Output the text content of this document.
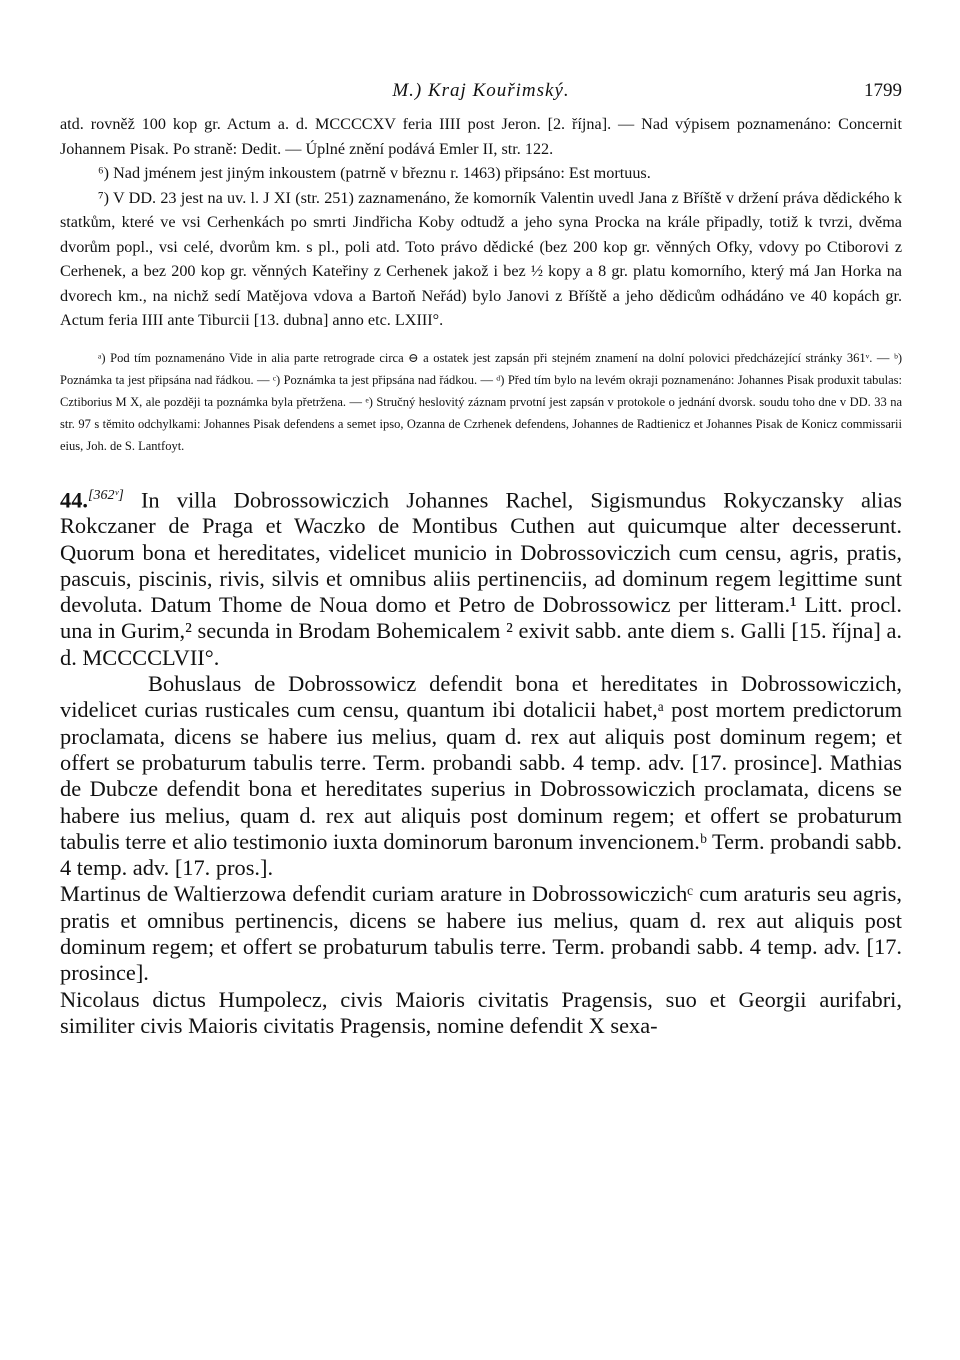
M.) Kraj Kouřimský.	1799

atd. rovněž 100 kop gr. Actum a. d. MCCCCXV feria IIII post Jeron. [2. října]. — Nad výpisem poznamenáno: Concernit Johannem Pisak. Po straně: Dedit. — Úplné znění podává Emler II, str. 122.

⁶) Nad jménem jest jiným inkoustem (patrně v březnu r. 1463) připsáno: Est mortuus.

⁷) V DD. 23 jest na uv. l. J XI (str. 251) zaznamenáno, že komorník Valentin uvedl Jana z Bříště v držení práva dědického k statkům, které ve vsi Cerhenkách po smrti Jindřicha Koby odtudž a jeho syna Procka na krále připadly, totiž k tvrzi, dvěma dvorům popl., vsi celé, dvorům km. s pl., poli atd. Toto právo dědické (bez 200 kop gr. věnných Ofky, vdovy po Ctiborovi z Cerhenek, a bez 200 kop gr. věnných Kateřiny z Cerhenek jakož i bez ½ kopy a 8 gr. platu komorního, který má Jan Horka na dvorech km., na nichž sedí Matějova vdova a Bartoň Neřád) bylo Janovi z Bříště a jeho dědicům odhádáno ve 40 kopách gr. Actum feria IIII ante Tiburcii [13. dubna] anno etc. LXIII°.

ᵃ) Pod tím poznamenáno Vide in alia parte retrograde circa ⊖ a ostatek jest zapsán při stejném znamení na dolní polovici předcházející stránky 361ᵛ. — ᵇ) Poznámka ta jest připsána nad řádkou. — ᶜ) Poznámka ta jest připsána nad řádkou. — ᵈ) Před tím bylo na levém okraji poznamenáno: Johannes Pisak produxit tabulas: Cztiborius M X, ale později ta poznámka byla přetržena. — ᵉ) Stručný heslovitý záznam prvotní jest zapsán v protokole o jednání dvorsk. soudu toho dne v DD. 33 na str. 97 s těmito odchylkami: Johannes Pisak defendens a semet ipso, Ozanna de Czrhenek defendens, Johannes de Radtienicz et Johannes Pisak de Konicz commissarii eius, Joh. de S. Lantfoyt.

44.[362ᵛ] In villa Dobrossowiczich Johannes Rachel, Sigismundus Rokyczansky alias Rokczaner de Praga et Waczko de Montibus Cuthen aut quicumque alter decesserunt. Quorum bona et hereditates, videlicet municio in Dobrossoviczich cum censu, agris, pratis, pascuis, piscinis, rivis, silvis et omnibus aliis pertinenciis, ad dominum regem legittime sunt devoluta. Datum Thome de Noua domo et Petro de Dobrossowicz per litteram.¹ Litt. procl. una in Gurim,² secunda in Brodam Bohemicalem ² exivit sabb. ante diem s. Galli [15. října] a. d. MCCCCLVII°.

Bohuslaus de Dobrossowicz defendit bona et hereditates in Dobrossowiczich, videlicet curias rusticales cum censu, quantum ibi dotalicii habet,ᵃ post mortem predictorum proclamata, dicens se habere ius melius, quam d. rex aut aliquis post dominum regem; et offert se probaturum tabulis terre. Term. probandi sabb. 4 temp. adv. [17. prosince]. Mathias de Dubcze defendit bona et hereditates superius in Dobrossowiczich proclamata, dicens se habere ius melius, quam d. rex aut aliquis post dominum regem; et offert se probaturum tabulis terre et alio testimonio iuxta dominorum baronum invencionem.ᵇ Term. probandi sabb. 4 temp. adv. [17. pros.].

Martinus de Waltierzowa defendit curiam arature in Dobrossowiczichᶜ cum araturis seu agris, pratis et omnibus pertinencis, dicens se habere ius melius, quam d. rex aut aliquis post dominum regem; et offert se probaturum tabulis terre. Term. probandi sabb. 4 temp. adv. [17. prosince].

Nicolaus dictus Humpolecz, civis Maioris civitatis Pragensis, suo et Georgii aurifabri, similiter civis Maioris civitatis Pragensis, nomine defendit X sexa-
